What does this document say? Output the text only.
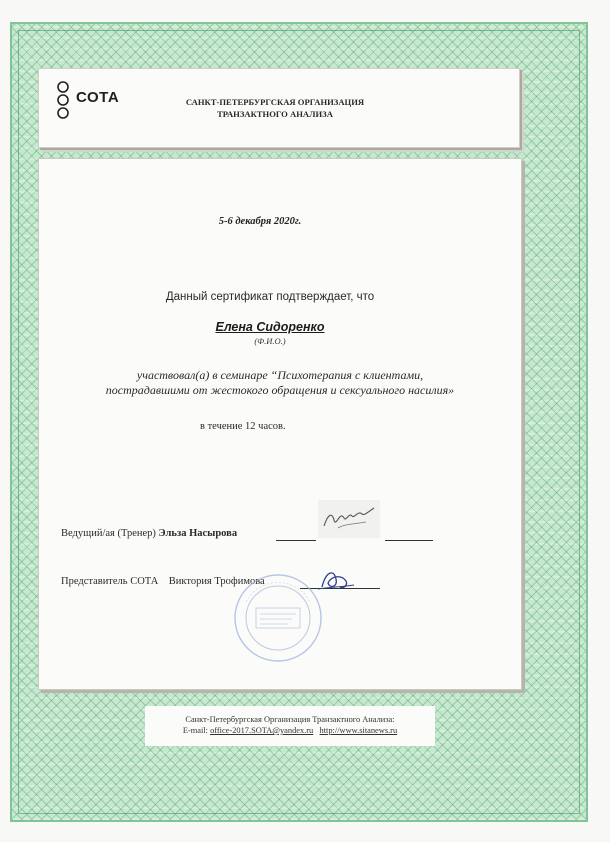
СОТА	САНКТ-ПЕТЕРБУРГСКАЯ ОРГАНИЗАЦИЯ
ТРАНЗАКТНОГО АНАЛИЗА
5-6 декабря 2020г.
Данный сертификат подтверждает, что
Елена Сидоренко
(Ф.И.О.)
участвовал(а) в семинаре “Психотерапия с клиентами,
пострадавшими от жестокого обращения и сексуального насилия»
в течение 12 часов.
Ведущий/ая (Тренер) Эльза Насырова
Представитель СОТА Виктория Трофимова
Санкт-Петербургская Организация Транзактного Анализа:
E-mail: office-2017.SOTA@yandex.ru http://www.sitanews.ru
